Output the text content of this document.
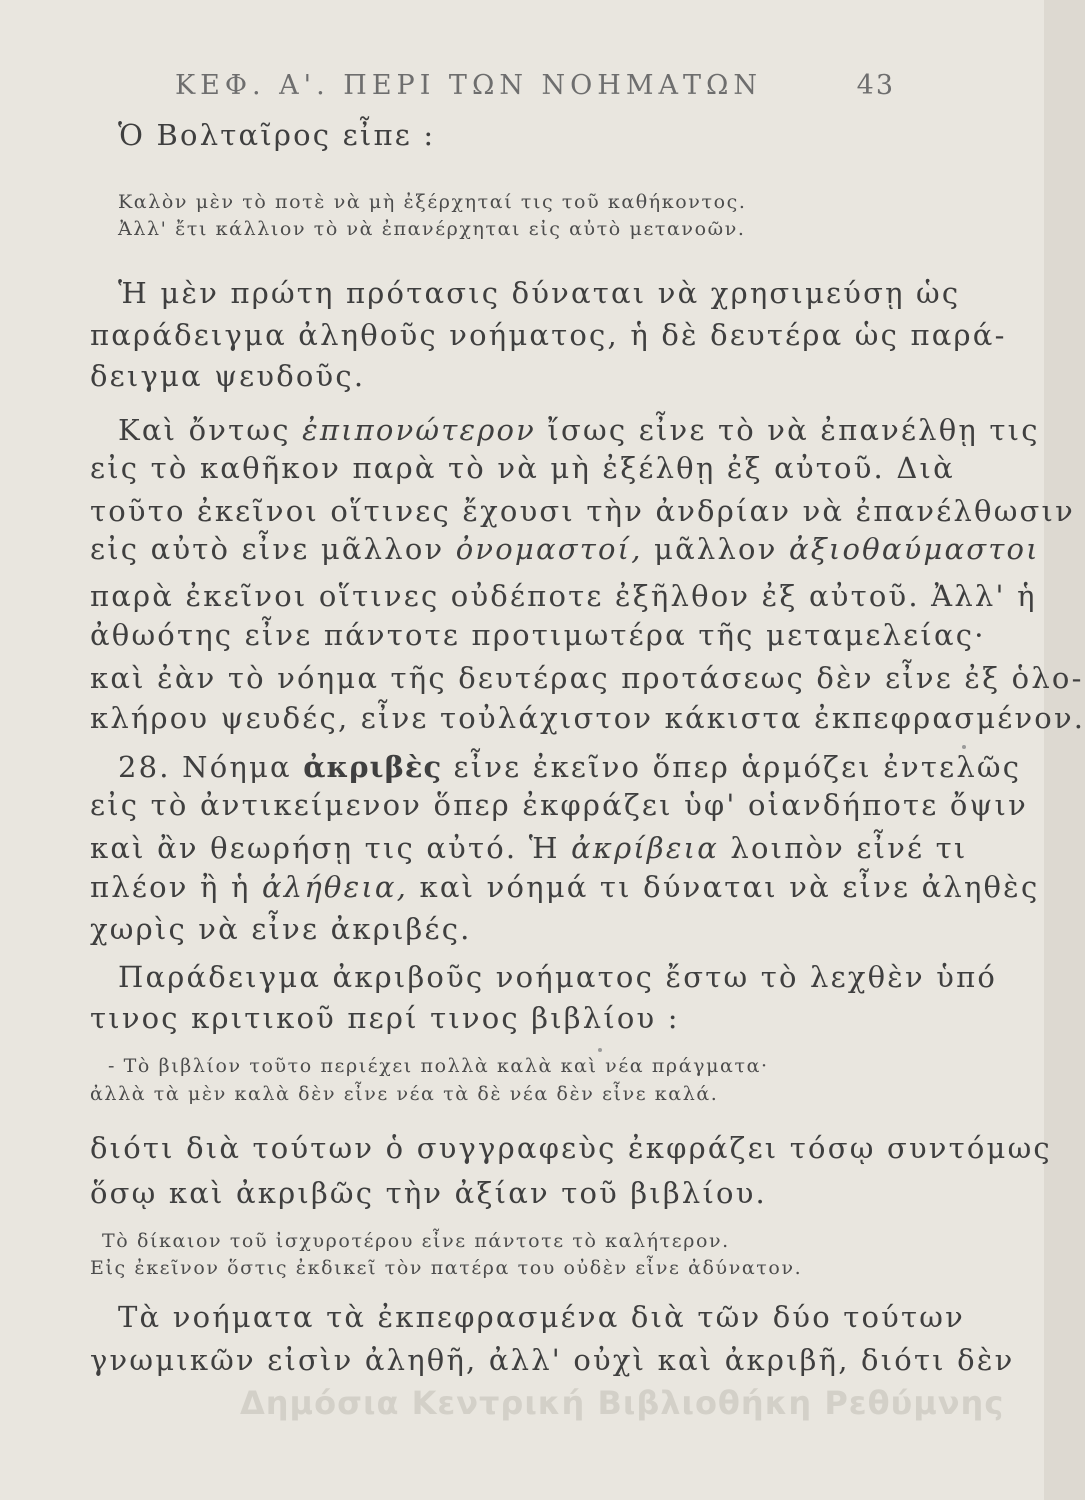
ΚΕΦ. Α'. ΠΕΡΙ ΤΩΝ ΝΟΗΜΑΤΩΝ	43
Ὁ Βολταῖρος εἶπε :
Καλὸν μὲν τὸ ποτὲ νὰ μὴ ἐξέρχηταί τις τοῦ καθήκοντος.
Ἀλλ' ἔτι κάλλιον τὸ νὰ ἐπανέρχηται εἰς αὐτὸ μετανοῶν.
Ἡ μὲν πρώτη πρότασις δύναται νὰ χρησιμεύσῃ ὡς
παράδειγμα ἀληθοῦς νοήματος, ἡ δὲ δευτέρα ὡς παρά-
δειγμα ψευδοῦς.
Καὶ ὄντως ἐπιπονώτερον ἴσως εἶνε τὸ νὰ ἐπανέλθῃ τις
εἰς τὸ καθῆκον παρὰ τὸ νὰ μὴ ἐξέλθῃ ἐξ αὐτοῦ. Διὰ
τοῦτο ἐκεῖνοι οἵτινες ἔχουσι τὴν ἀνδρίαν νὰ ἐπανέλθωσιν
εἰς αὐτὸ εἶνε μᾶλλον ὀνομαστοί, μᾶλλον ἀξιοθαύμαστοι
παρὰ ἐκεῖνοι οἵτινες οὐδέποτε ἐξῆλθον ἐξ αὐτοῦ. Ἀλλ' ἡ
ἀθωότης εἶνε πάντοτε προτιμωτέρα τῆς μεταμελείας·
καὶ ἐὰν τὸ νόημα τῆς δευτέρας προτάσεως δὲν εἶνε ἐξ ὁλο-
κλήρου ψευδές, εἶνε τοὐλάχιστον κάκιστα ἐκπεφρασμένον.
28. Νόημα ἀκριβὲς εἶνε ἐκεῖνο ὅπερ ἁρμόζει ἐντελῶς
εἰς τὸ ἀντικείμενον ὅπερ ἐκφράζει ὑφ' οἱανδήποτε ὄψιν
καὶ ἂν θεωρήσῃ τις αὐτό. Ἡ ἀκρίβεια λοιπὸν εἶνέ τι
πλέον ἢ ἡ ἀλήθεια, καὶ νόημά τι δύναται νὰ εἶνε ἀληθὲς
χωρὶς νὰ εἶνε ἀκριβές.
Παράδειγμα ἀκριβοῦς νοήματος ἔστω τὸ λεχθὲν ὑπό
τινος κριτικοῦ περί τινος βιβλίου :
- Τὸ βιβλίον τοῦτο περιέχει πολλὰ καλὰ καὶ νέα πράγματα·
ἀλλὰ τὰ μὲν καλὰ δὲν εἶνε νέα τὰ δὲ νέα δὲν εἶνε καλά.
διότι διὰ τούτων ὁ συγγραφεὺς ἐκφράζει τόσῳ συντόμως
ὅσῳ καὶ ἀκριβῶς τὴν ἀξίαν τοῦ βιβλίου.
Τὸ δίκαιον τοῦ ἰσχυροτέρου εἶνε πάντοτε τὸ καλήτερον.
Εἰς ἐκεῖνον ὅστις ἐκδικεῖ τὸν πατέρα του οὐδὲν εἶνε ἀδύνατον.
Τὰ νοήματα τὰ ἐκπεφρασμένα διὰ τῶν δύο τούτων
γνωμικῶν εἰσὶν ἀληθῆ, ἀλλ' οὐχὶ καὶ ἀκριβῆ, διότι δὲν
Δημόσια Κεντρική Βιβλιοθήκη Ρεθύμνης
